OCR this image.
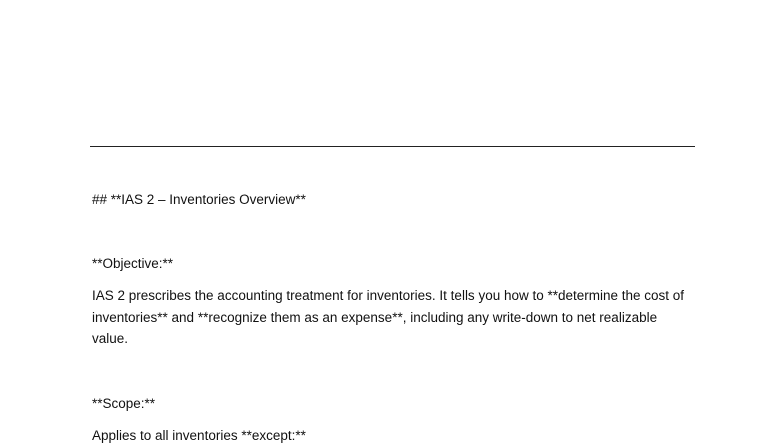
## **IAS 2 – Inventories Overview**
**Objective:**

IAS 2 prescribes the accounting treatment for inventories. It tells you how to **determine the cost of inventories** and **recognize them as an expense**, including any write-down to net realizable value.

**Scope:**
Applies to all inventories **except:**
